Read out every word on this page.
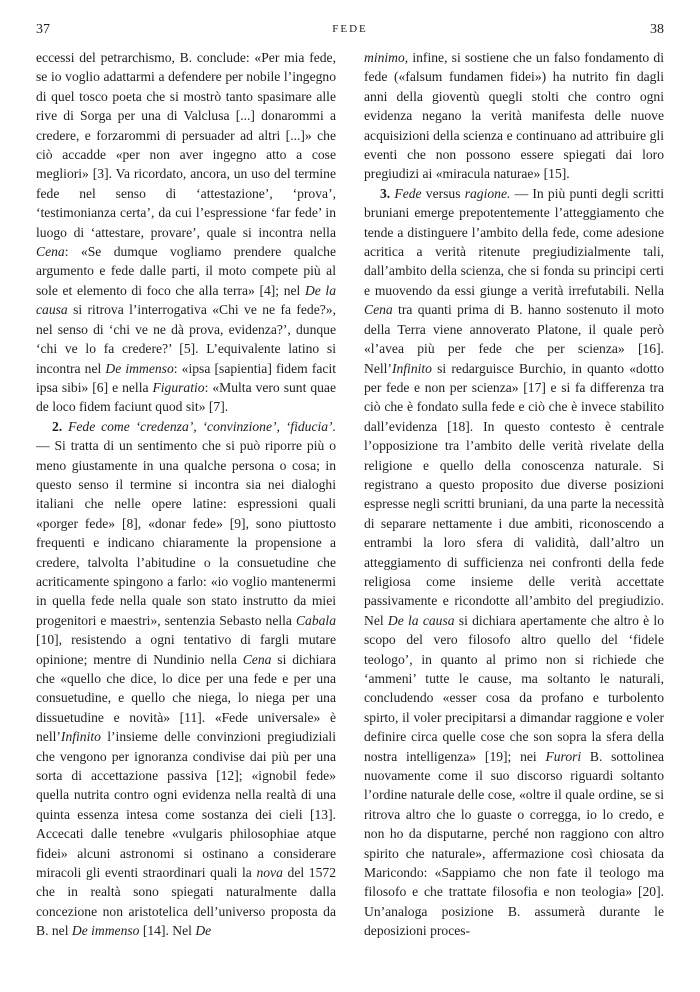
37	FEDE	38

eccessi del petrarchismo, B. conclude: «Per mia fede, se io voglio adattarmi a defendere per nobile l’ingegno di quel tosco poeta che si mostrò tanto spasimare alle rive di Sorga per una di Valclusa [...] donarommi a credere, e forzarommi di persuader ad altri [...]» che ciò accadde «per non aver ingegno atto a cose megliori» [3]. Va ricordato, ancora, un uso del termine fede nel senso di ‘attestazione’, ‘prova’, ‘testimonianza certa’, da cui l’espressione ‘far fede’ in luogo di ‘attestare, provare’, quale si incontra nella Cena: «Se dumque vogliamo prendere qualche argumento e fede dalle parti, il moto compete più al sole et elemento di foco che alla terra» [4]; nel De la causa si ritrova l’interrogativa «Chi ve ne fa fede?», nel senso di ‘chi ve ne dà prova, evidenza?’, dunque ‘chi ve lo fa credere?’ [5]. L’equivalente latino si incontra nel De immenso: «ipsa [sapientia] fidem facit ipsa sibi» [6] e nella Figuratio: «Multa vero sunt quae de loco fidem faciunt quod sit» [7].

2. Fede come ‘credenza’, ‘convinzione’, ‘fiducia’. — Si tratta di un sentimento che si può riporre più o meno giustamente in una qualche persona o cosa; in questo senso il termine si incontra sia nei dialoghi italiani che nelle opere latine: espressioni quali «porger fede» [8], «donar fede» [9], sono piuttosto frequenti e indicano chiaramente la propensione a credere, talvolta l’abitudine o la consuetudine che acriticamente spingono a farlo: «io voglio mantenermi in quella fede nella quale son stato instrutto da miei progenitori e maestri», sentenzia Sebasto nella Cabala [10], resistendo a ogni tentativo di fargli mutare opinione; mentre di Nundinio nella Cena si dichiara che «quello che dice, lo dice per una fede e per una consuetudine, e quello che niega, lo niega per una dissuetudine e novità» [11]. «Fede universale» è nell’Infinito l’insieme delle convinzioni pregiudiziali che vengono per ignoranza condivise dai più per una sorta di accettazione passiva [12]; «ignobil fede» quella nutrita contro ogni evidenza nella realtà di una quinta essenza intesa come sostanza dei cieli [13]. Accecati dalle tenebre «vulgaris philosophiae atque fidei» alcuni astronomi si ostinano a considerare miracoli gli eventi straordinari quali la nova del 1572 che in realtà sono spiegati naturalmente dalla concezione non aristotelica dell’universo proposta da B. nel De immenso [14]. Nel De

minimo, infine, si sostiene che un falso fondamento di fede («falsum fundamen fidei») ha nutrito fin dagli anni della gioventù quegli stolti che contro ogni evidenza negano la verità manifesta delle nuove acquisizioni della scienza e continuano ad attribuire gli eventi che non possono essere spiegati dai loro pregiudizi ai «miracula naturae» [15].

3. Fede versus ragione. — In più punti degli scritti bruniani emerge prepotentemente l’atteggiamento che tende a distinguere l’ambito della fede, come adesione acritica a verità ritenute pregiudizialmente tali, dall’ambito della scienza, che si fonda su principi certi e muovendo da essi giunge a verità irrefutabili. Nella Cena tra quanti prima di B. hanno sostenuto il moto della Terra viene annoverato Platone, il quale però «l’avea più per fede che per scienza» [16]. Nell’Infinito si redarguisce Burchio, in quanto «dotto per fede e non per scienza» [17] e si fa differenza tra ciò che è fondato sulla fede e ciò che è invece stabilito dall’evidenza [18]. In questo contesto è centrale l’opposizione tra l’ambito delle verità rivelate della religione e quello della conoscenza naturale. Si registrano a questo proposito due diverse posizioni espresse negli scritti bruniani, da una parte la necessità di separare nettamente i due ambiti, riconoscendo a entrambi la loro sfera di validità, dall’altro un atteggiamento di sufficienza nei confronti della fede religiosa come insieme delle verità accettate passivamente e ricondotte all’ambito del pregiudizio. Nel De la causa si dichiara apertamente che altro è lo scopo del vero filosofo altro quello del ‘fidele teologo’, in quanto al primo non si richiede che ‘ammeni’ tutte le cause, ma soltanto le naturali, concludendo «esser cosa da profano e turbolento spirto, il voler precipitarsi a dimandar raggione e voler definire circa quelle cose che son sopra la sfera della nostra intelligenza» [19]; nei Furori B. sottolinea nuovamente come il suo discorso riguardi soltanto l’ordine naturale delle cose, «oltre il quale ordine, se si ritrova altro che lo guaste o corregga, io lo credo, e non ho da disputarne, perché non raggiono con altro spirito che naturale», affermazione così chiosata da Maricondo: «Sappiamo che non fate il teologo ma filosofo e che trattate filosofia e non teologia» [20]. Un’analoga posizione B. assumerà durante le deposizioni proces-
